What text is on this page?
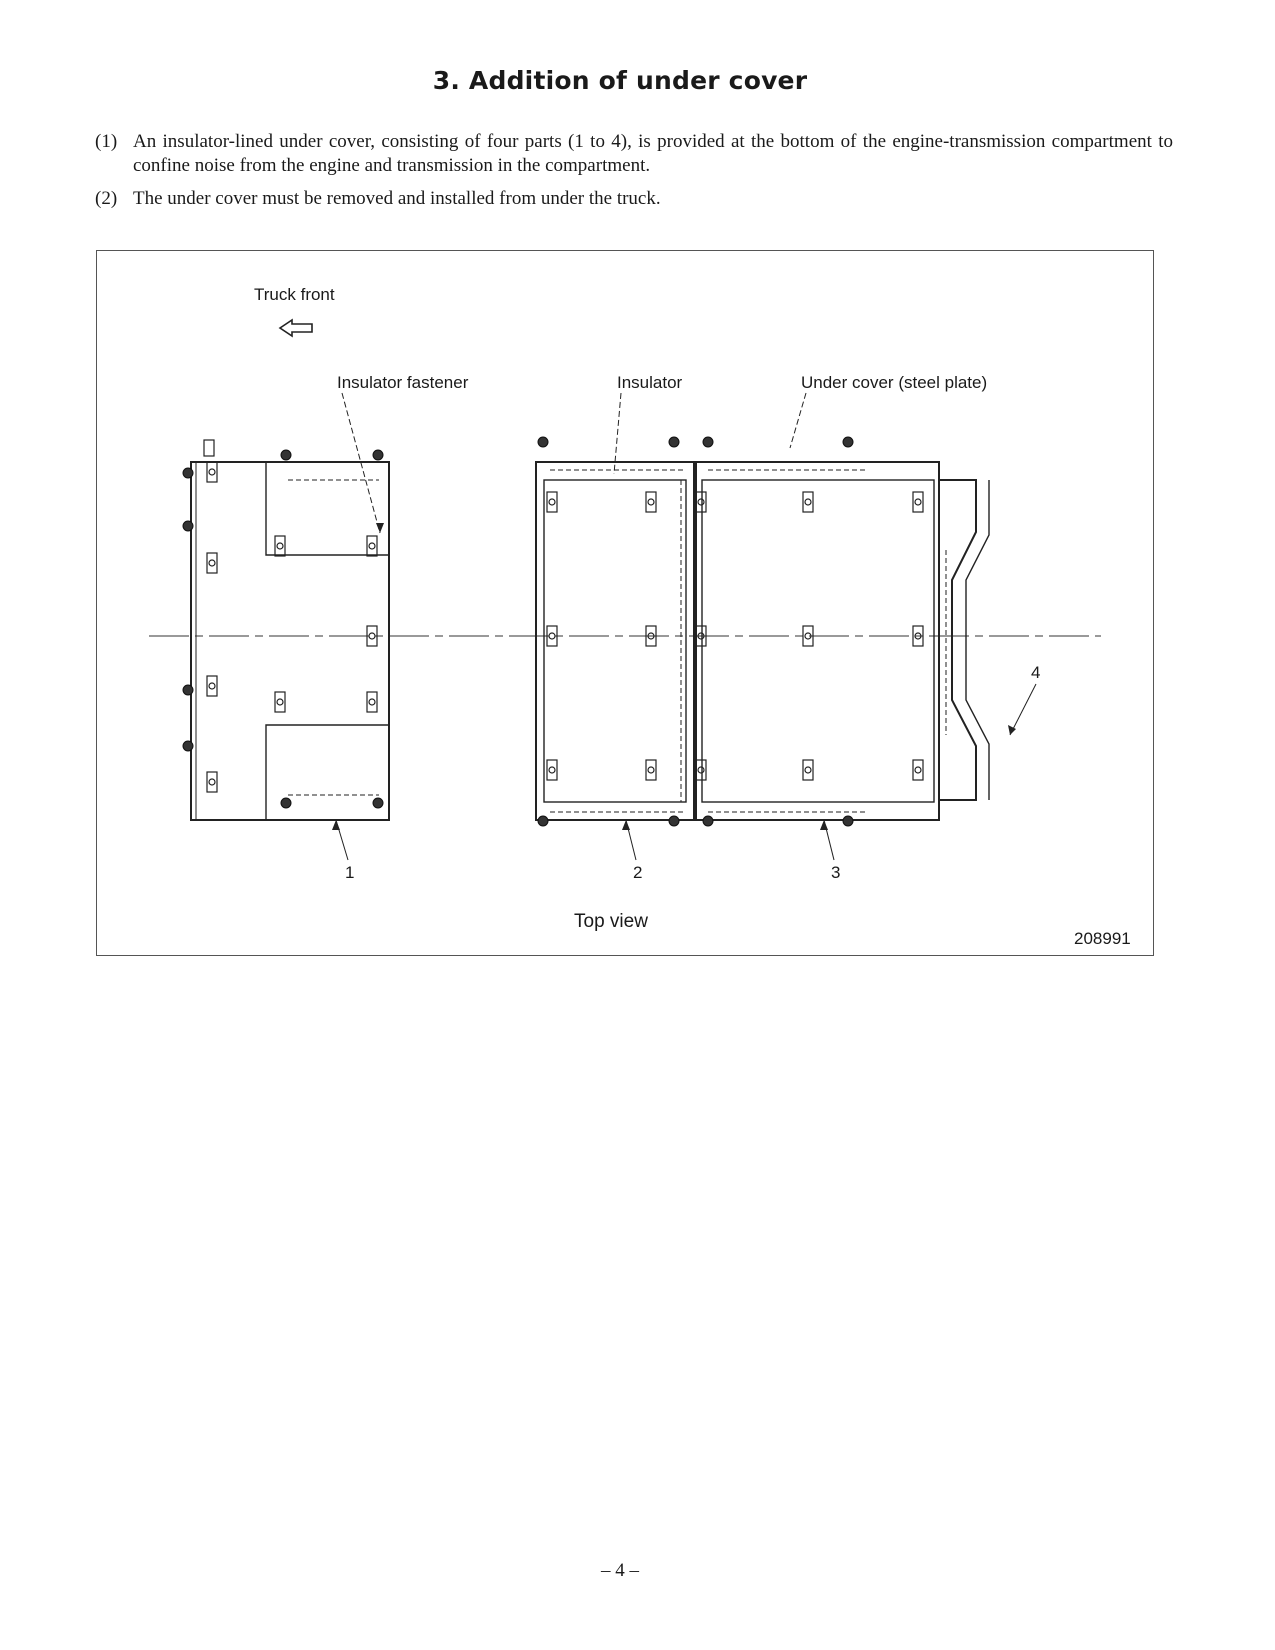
3. Addition of under cover
(1) An insulator-lined under cover, consisting of four parts (1 to 4), is provided at the bottom of the engine-transmission compartment to confine noise from the engine and transmission in the compartment.
(2) The under cover must be removed and installed from under the truck.
Truck front
Insulator fastener	Insulator	Under cover (steel plate)
1	2	3
4
Top view
208991
– 4 –
